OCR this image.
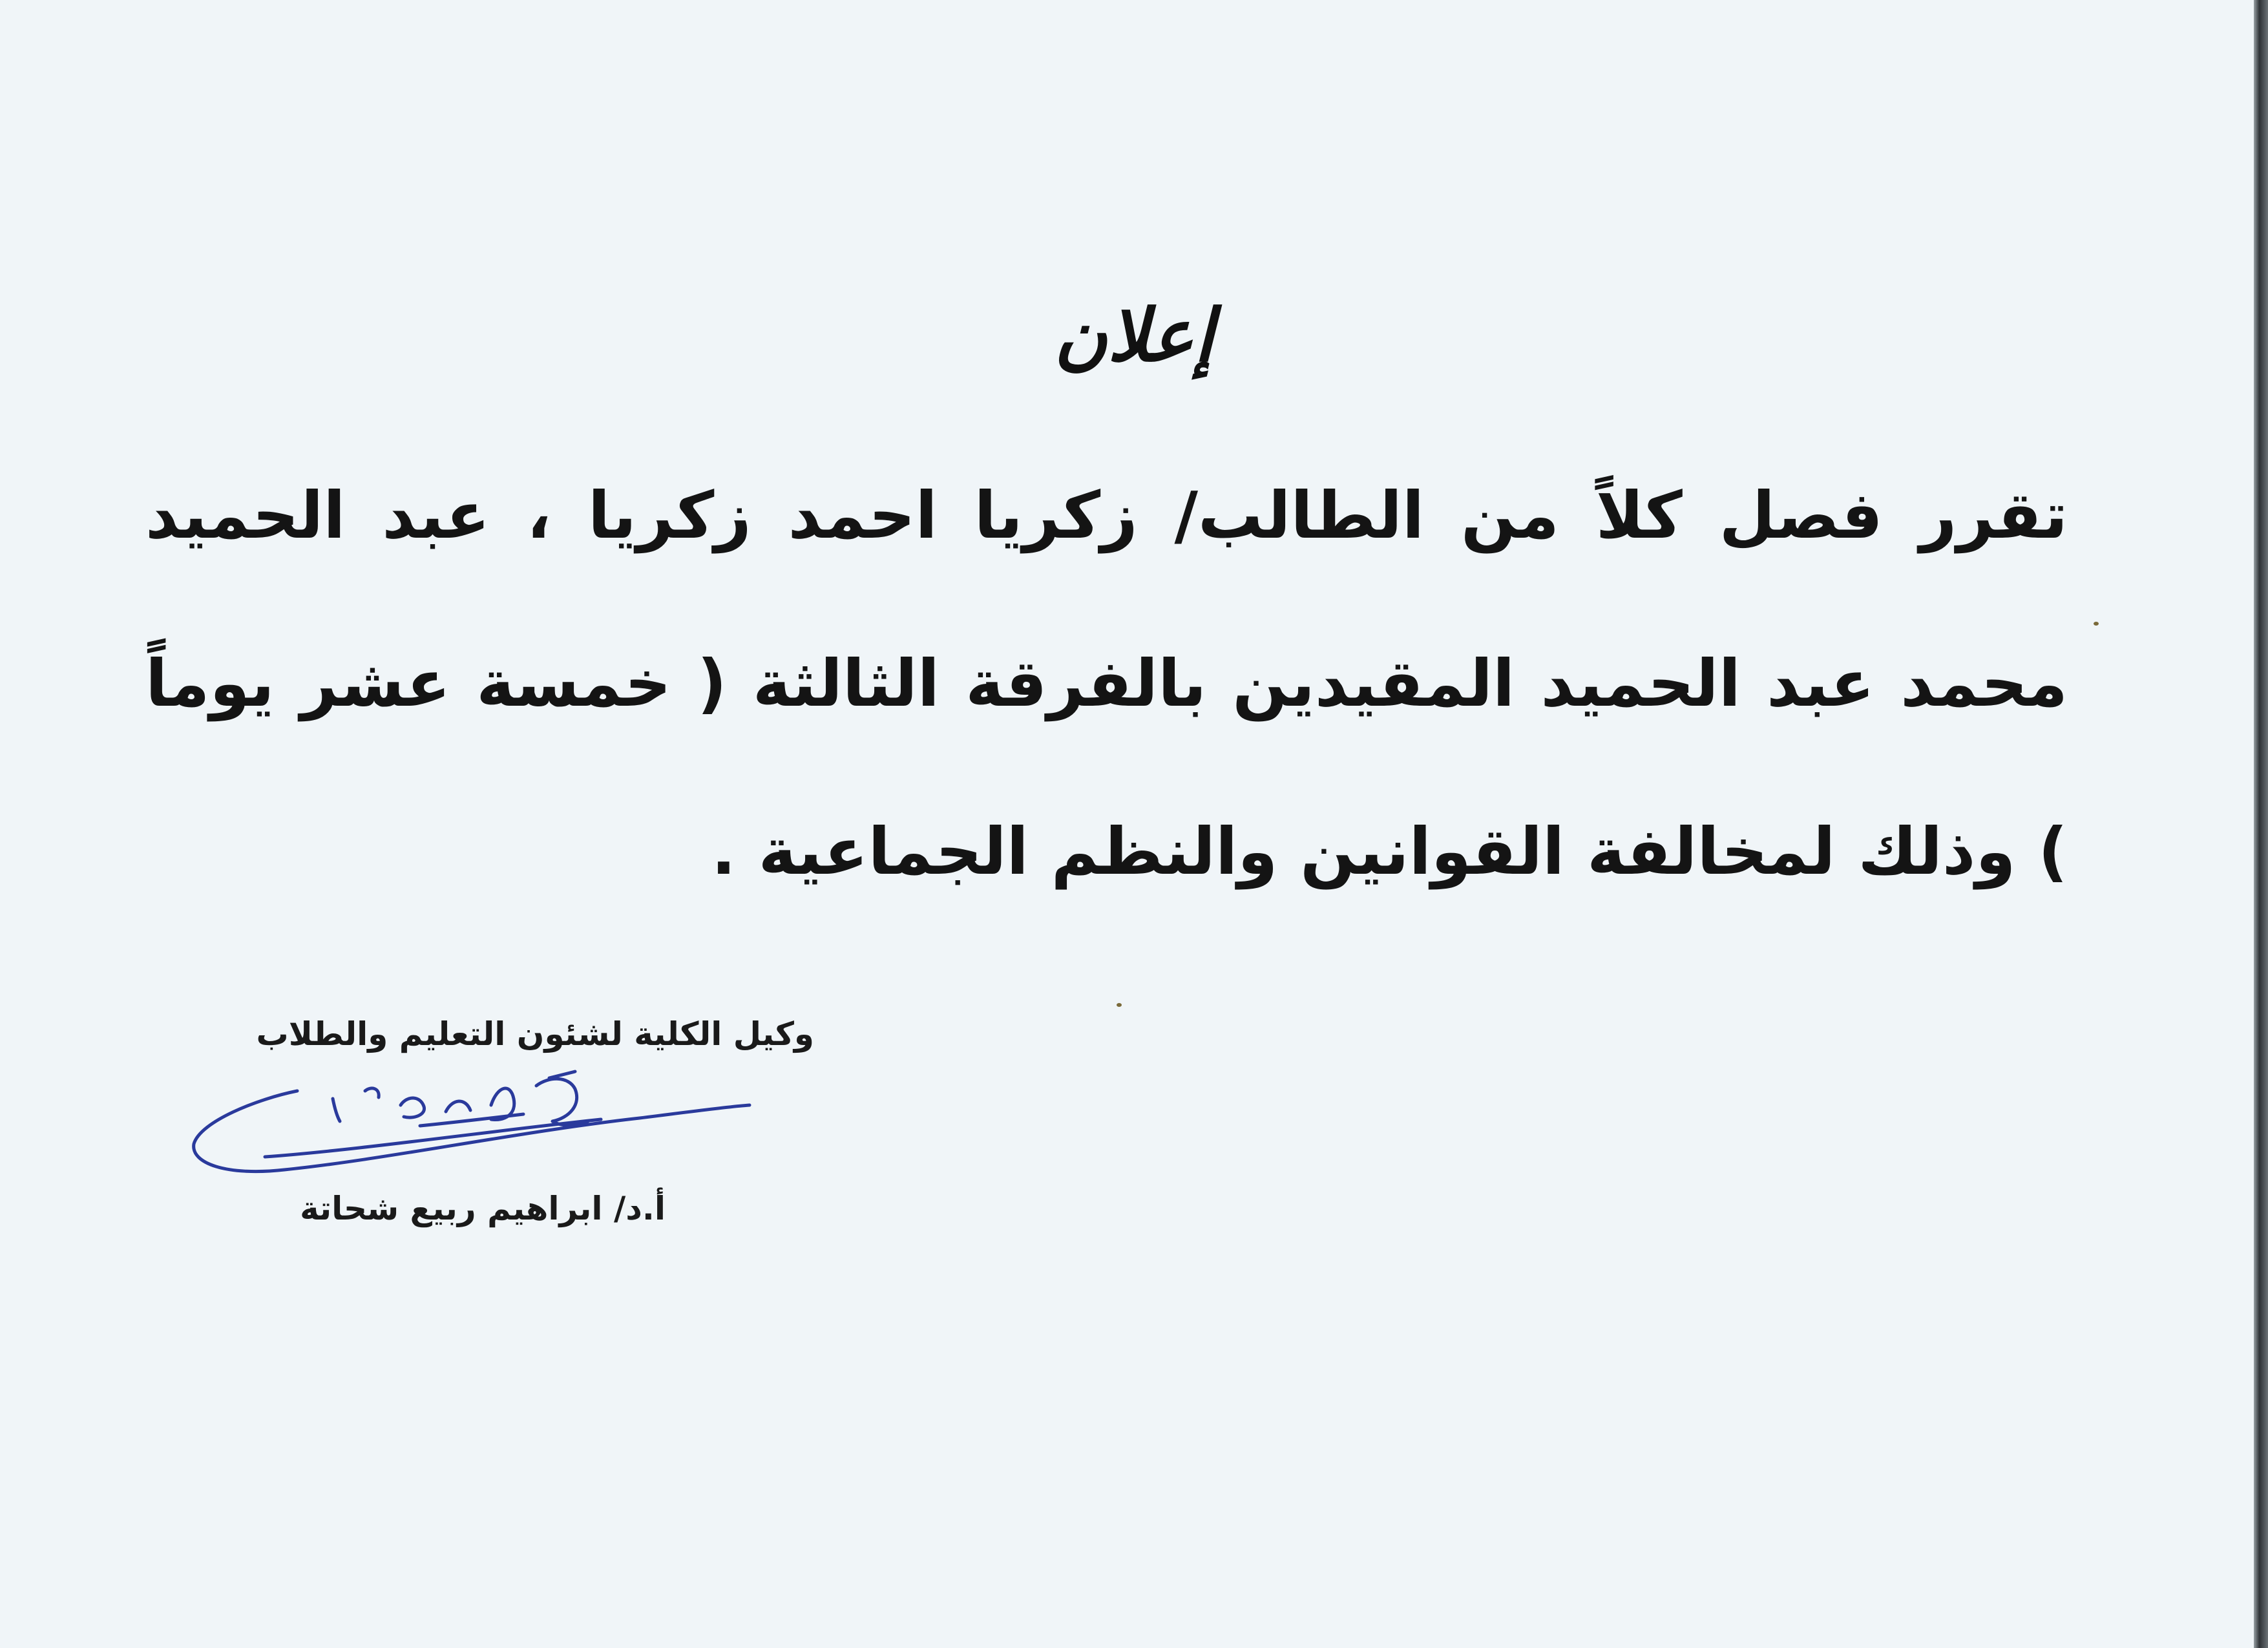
إعلان

تقرر فصل كلاً من الطالب/ زكريا احمد زكريا ، عبد الحميد محمد عبد الحميد المقيدين بالفرقة الثالثة ( خمسة عشر يوماً ) وذلك لمخالفة القوانين والنظم الجماعية .

وكيل الكلية لشئون التعليم والطلاب
أ.د/ ابراهيم ربيع شحاتة
